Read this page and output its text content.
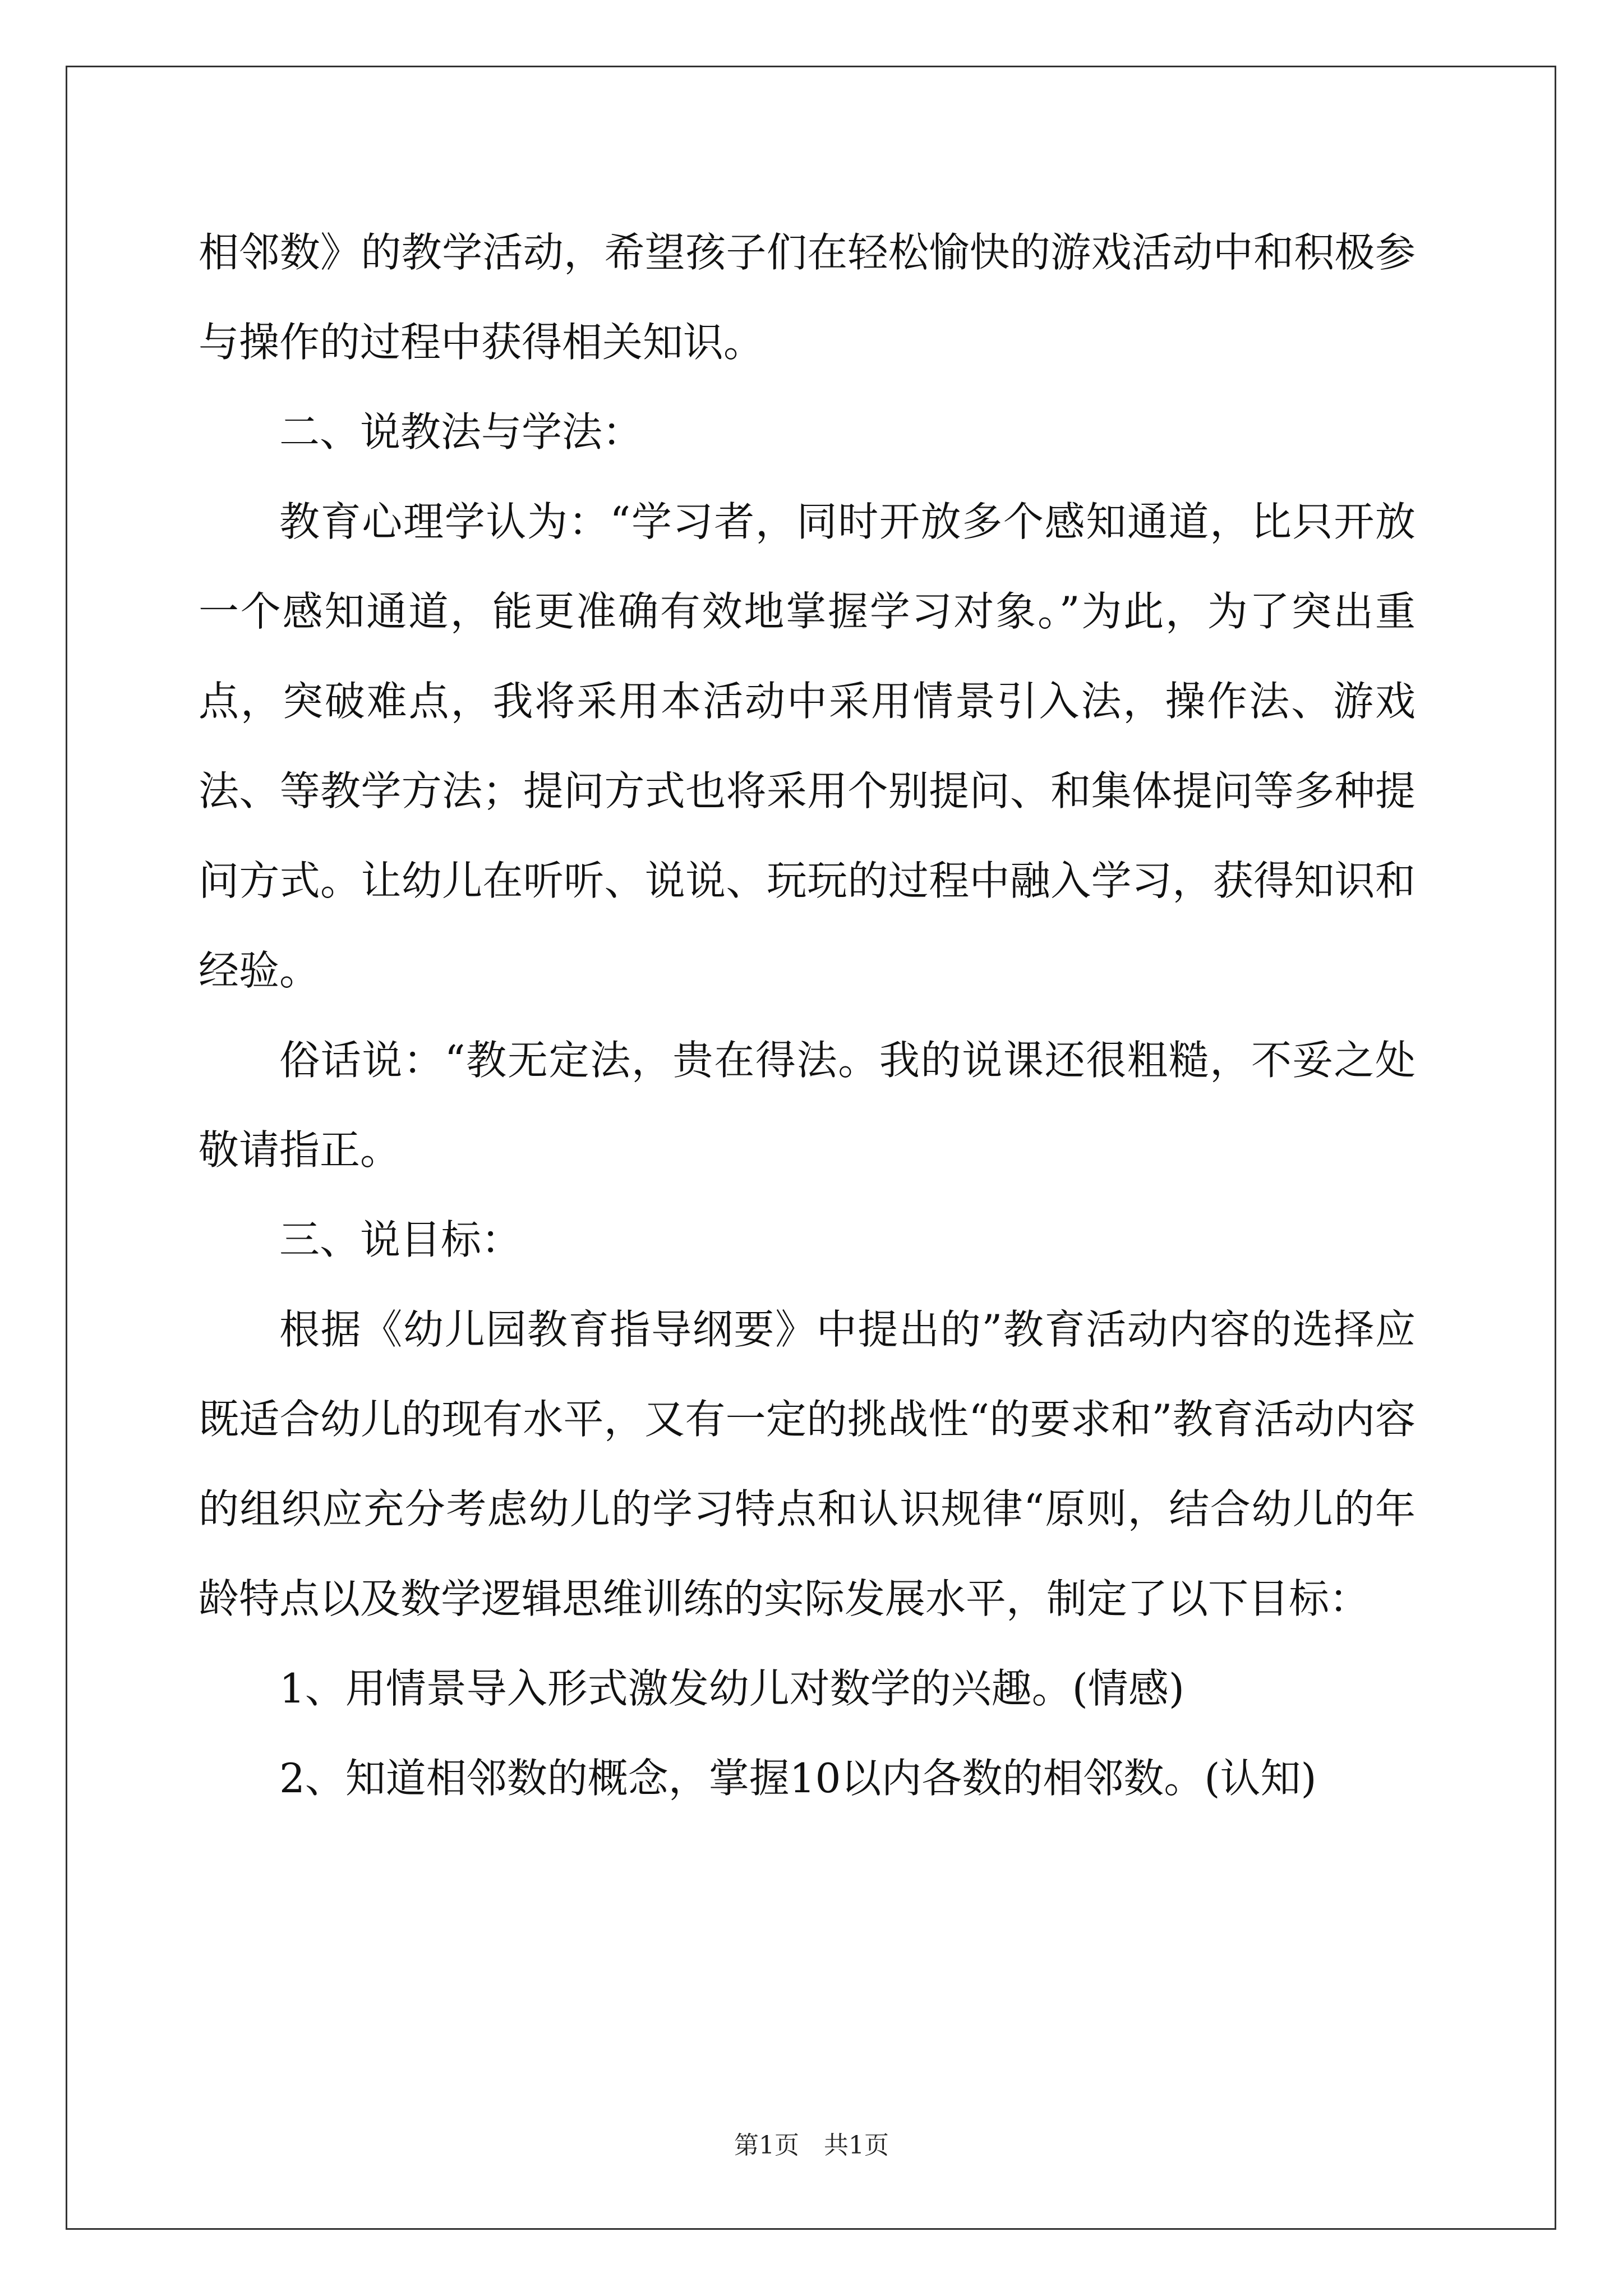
相邻数》的教学活动，希望孩子们在轻松愉快的游戏活动中和积极参与操作的过程中获得相关知识。

二、说教法与学法：

教育心理学认为：“学习者，同时开放多个感知通道，比只开放一个感知通道，能更准确有效地掌握学习对象。”为此，为了突出重点，突破难点，我将采用本活动中采用情景引入法，操作法、游戏法、等教学方法；提问方式也将采用个别提问、和集体提问等多种提问方式。让幼儿在听听、说说、玩玩的过程中融入学习，获得知识和经验。

俗话说：“教无定法，贵在得法。我的说课还很粗糙，不妥之处敬请指正。

三、说目标：

根据《幼儿园教育指导纲要》中提出的”教育活动内容的选择应既适合幼儿的现有水平，又有一定的挑战性“的要求和”教育活动内容的组织应充分考虑幼儿的学习特点和认识规律“原则，结合幼儿的年龄特点以及数学逻辑思维训练的实际发展水平，制定了以下目标：

1、用情景导入形式激发幼儿对数学的兴趣。(情感)

2、知道相邻数的概念，掌握10以内各数的相邻数。(认知)

第1页　共1页
